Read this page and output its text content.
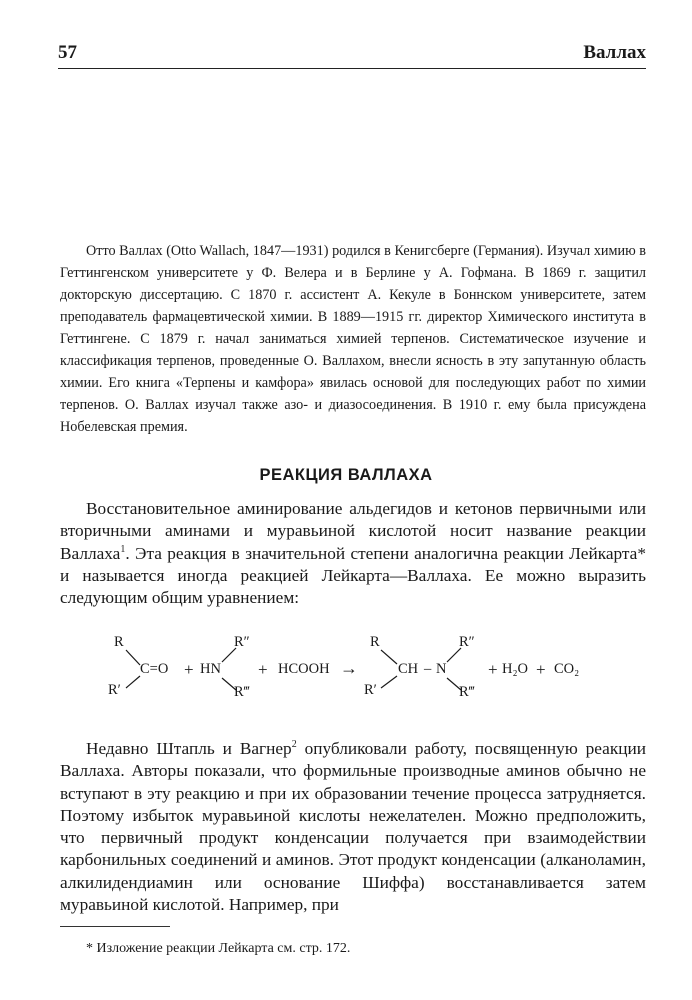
57	Валлах

Отто Валлах (Otto Wallach, 1847—1931) родился в Кенигсберге (Германия). Изучал химию в Геттингенском университете у Ф. Велера и в Берлине у А. Гофмана. В 1869 г. защитил докторскую диссертацию. С 1870 г. ассистент А. Кекуле в Боннском университете, затем преподаватель фармацевтической химии. В 1889—1915 гг. директор Химического института в Геттингене. С 1879 г. начал заниматься химией терпенов. Систематическое изучение и классификация терпенов, проведенные О. Валлахом, внесли ясность в эту запутанную область химии. Его книга «Терпены и камфора» явилась основой для последующих работ по химии терпенов. О. Валлах изучал также азо- и диазосоединения. В 1910 г. ему была присуждена Нобелевская премия.

РЕАКЦИЯ ВАЛЛАХА

Восстановительное аминирование альдегидов и кетонов первичными или вторичными аминами и муравьиной кислотой носит название реакции Валлаха$^1$. Эта реакция в значительной степени аналогична реакции Лейкарта* и называется иногда реакцией Лейкарта—Валлаха. Ее можно выразить следующим общим уравнением:

R
R′
C=O + HN
R″
R‴
+ HCOOH →
R
R′
CH – N
R″
R‴
+ H₂O + CO₂

Недавно Штапль и Вагнер$^2$ опубликовали работу, посвященную реакции Валлаха. Авторы показали, что формильные производные аминов обычно не вступают в эту реакцию и при их образовании течение процесса затрудняется. Поэтому избыток муравьиной кислоты нежелателен. Можно предположить, что первичный продукт конденсации получается при взаимодействии карбонильных соединений и аминов. Этот продукт конденсации (алканоламин, алкилидендиамин или основание Шиффа) восстанавливается затем муравьиной кислотой. Например, при

* Изложение реакции Лейкарта см. стр. 172.
